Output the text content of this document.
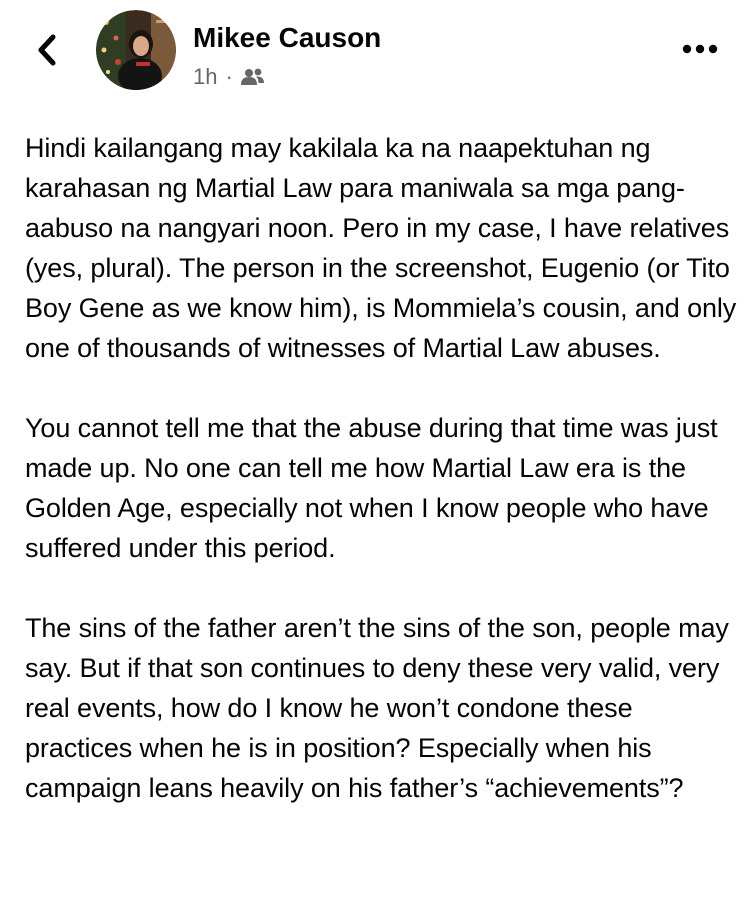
Mikee Causon
1h ·

Hindi kailangang may kakilala ka na naapektuhan ng karahasan ng Martial Law para maniwala sa mga pang-aabuso na nangyari noon. Pero in my case, I have relatives (yes, plural). The person in the screenshot, Eugenio (or Tito Boy Gene as we know him), is Mommiela’s cousin, and only one of thousands of witnesses of Martial Law abuses.

You cannot tell me that the abuse during that time was just made up. No one can tell me how Martial Law era is the Golden Age, especially not when I know people who have suffered under this period.

The sins of the father aren’t the sins of the son, people may say. But if that son continues to deny these very valid, very real events, how do I know he won’t condone these practices when he is in position? Especially when his campaign leans heavily on his father’s “achievements”?
